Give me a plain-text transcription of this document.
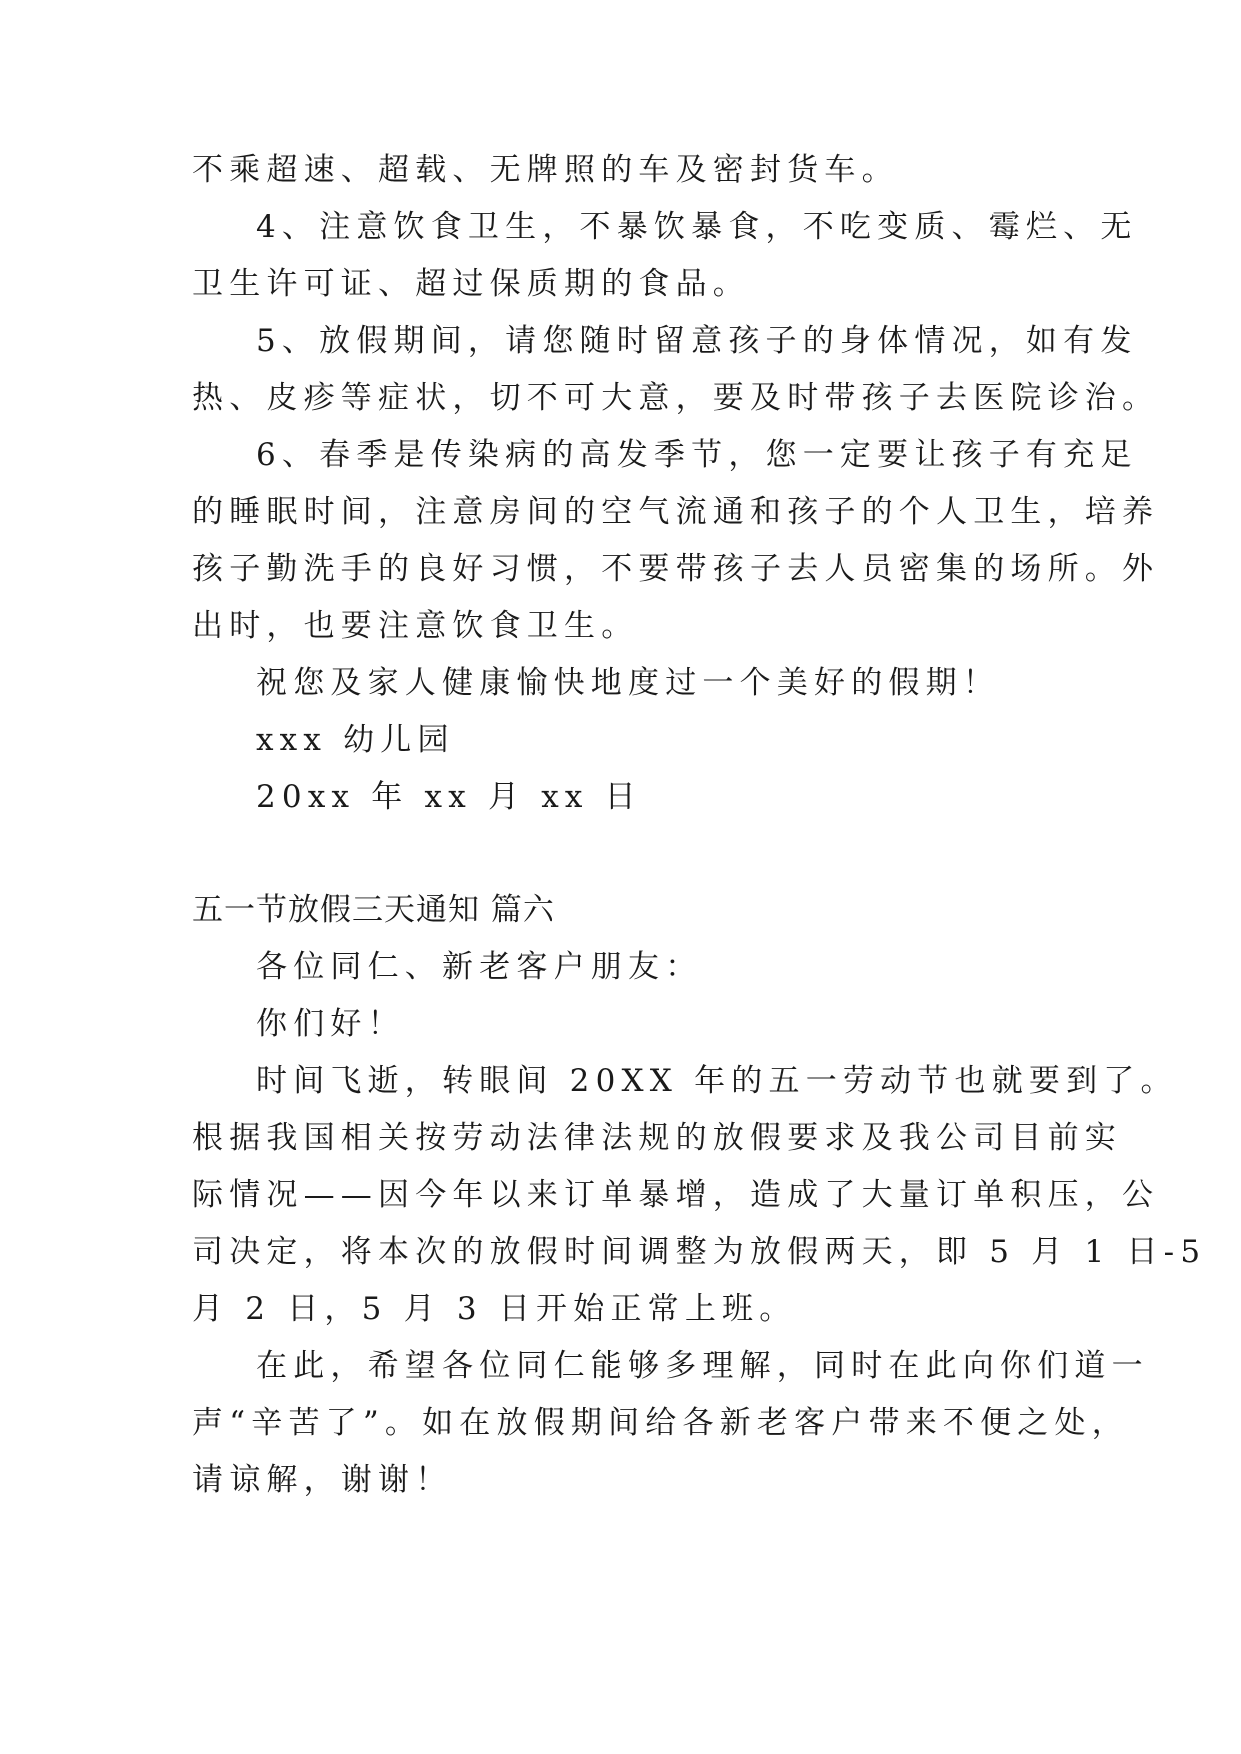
不乘超速、超载、无牌照的车及密封货车。
4、注意饮食卫生，不暴饮暴食，不吃变质、霉烂、无
卫生许可证、超过保质期的食品。
5、放假期间，请您随时留意孩子的身体情况，如有发
热、皮疹等症状，切不可大意，要及时带孩子去医院诊治。
6、春季是传染病的高发季节，您一定要让孩子有充足
的睡眠时间，注意房间的空气流通和孩子的个人卫生，培养
孩子勤洗手的良好习惯，不要带孩子去人员密集的场所。外
出时，也要注意饮食卫生。
祝您及家人健康愉快地度过一个美好的假期！
xxx 幼儿园
20xx 年 xx 月 xx 日
五一节放假三天通知 篇六
各位同仁、新老客户朋友：
你们好！
时间飞逝，转眼间 20XX 年的五一劳动节也就要到了。
根据我国相关按劳动法律法规的放假要求及我公司目前实
际情况——因今年以来订单暴增，造成了大量订单积压，公
司决定，将本次的放假时间调整为放假两天，即 5 月 1 日-5
月 2 日，5 月 3 日开始正常上班。
在此，希望各位同仁能够多理解，同时在此向你们道一
声“辛苦了”。如在放假期间给各新老客户带来不便之处，
请谅解，谢谢！
